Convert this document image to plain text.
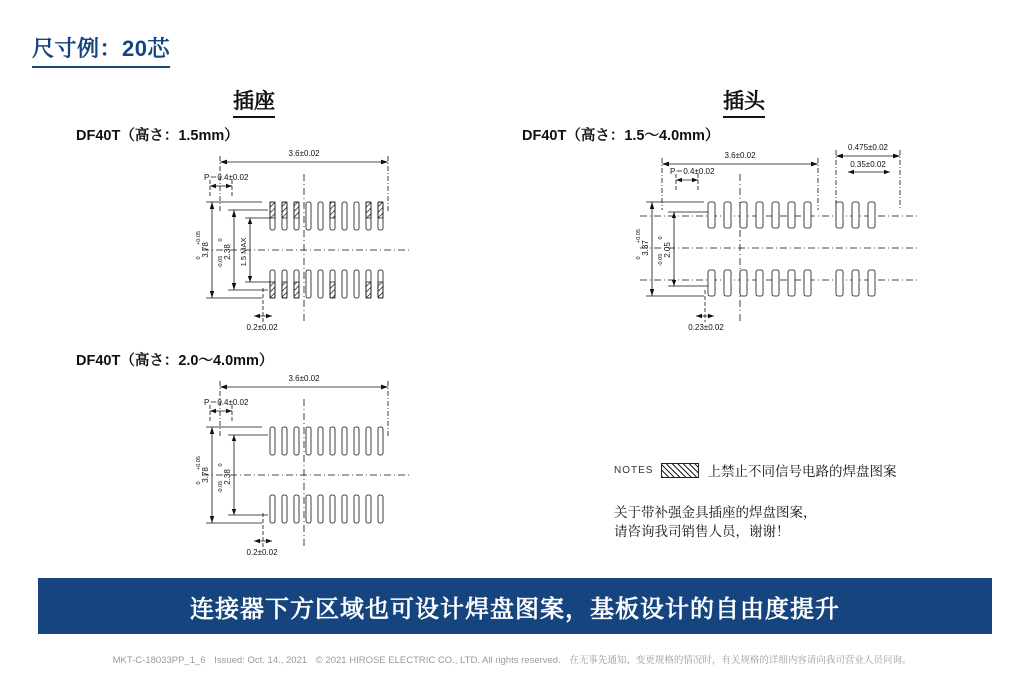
尺寸例：20芯
插座	插头
DF40T（高さ：1.5mm）	DF40T（高さ：1.5～4.0mm）
DF40T（高さ：2.0～4.0mm）
3.6±0.02
P＝0.4±0.02
3.78
+0.05
0	2.38
0
-0.05 1.5 MAX
0.2±0.02
3.6±0.02
0.475±0.02
0.35±0.02
P＝0.4±0.02
3.37
+0.05
0
2.05
0
-0.05
0.23±0.02
3.6±0.02
P＝0.4±0.02
3.78
+0.05
0	2.38
0
-0.05
0.2±0.02
NOTES	上禁止不同信号电路的焊盘图案
关于带补强金具插座的焊盘图案，
请咨询我司销售人员，谢谢！
连接器下方区域也可设计焊盘图案，基板设计的自由度提升
MKT-C-18033PP_1_6 Issued: Oct. 14., 2021 © 2021 HIROSE ELECTRIC CO., LTD. All rights reserved. 在无事先通知、变更规格的情况时，有关规格的详细内容请向我司营业人员问询。
